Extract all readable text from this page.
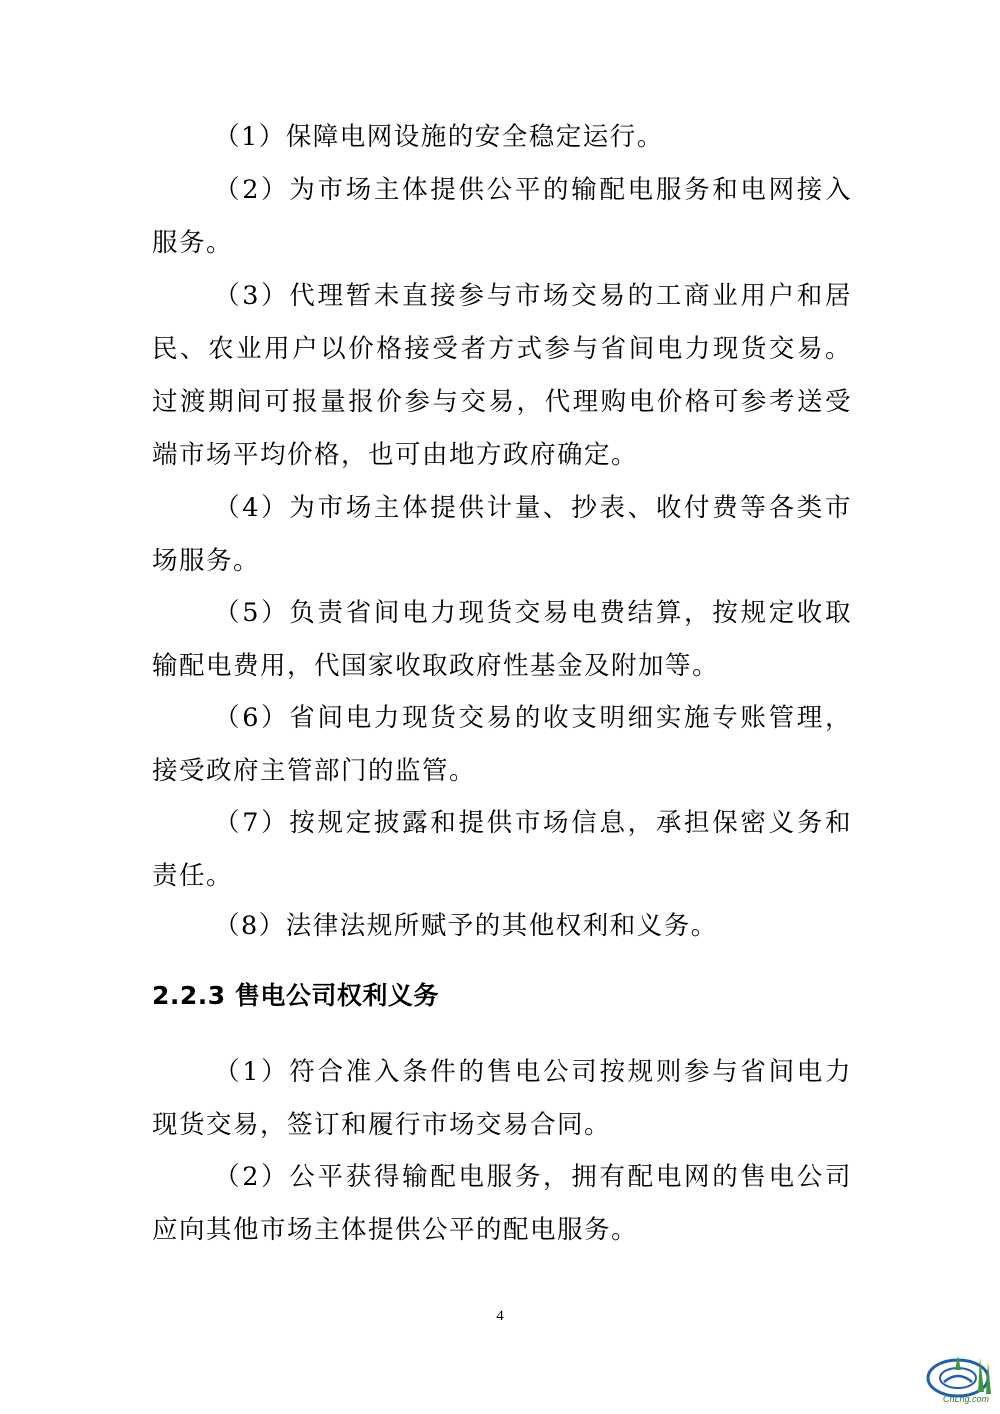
（1）保障电网设施的安全稳定运行。

（2）为市场主体提供公平的输配电服务和电网接入服务。

（3）代理暂未直接参与市场交易的工商业用户和居民、农业用户以价格接受者方式参与省间电力现货交易。过渡期间可报量报价参与交易，代理购电价格可参考送受端市场平均价格，也可由地方政府确定。

（4）为市场主体提供计量、抄表、收付费等各类市场服务。

（5）负责省间电力现货交易电费结算，按规定收取输配电费用，代国家收取政府性基金及附加等。

（6）省间电力现货交易的收支明细实施专账管理，接受政府主管部门的监管。

（7）按规定披露和提供市场信息，承担保密义务和责任。

（8）法律法规所赋予的其他权利和义务。

2.2.3 售电公司权利义务

（1）符合准入条件的售电公司按规则参与省间电力现货交易，签订和履行市场交易合同。

（2）公平获得输配电服务，拥有配电网的售电公司应向其他市场主体提供公平的配电服务。

4
CnLng.com
